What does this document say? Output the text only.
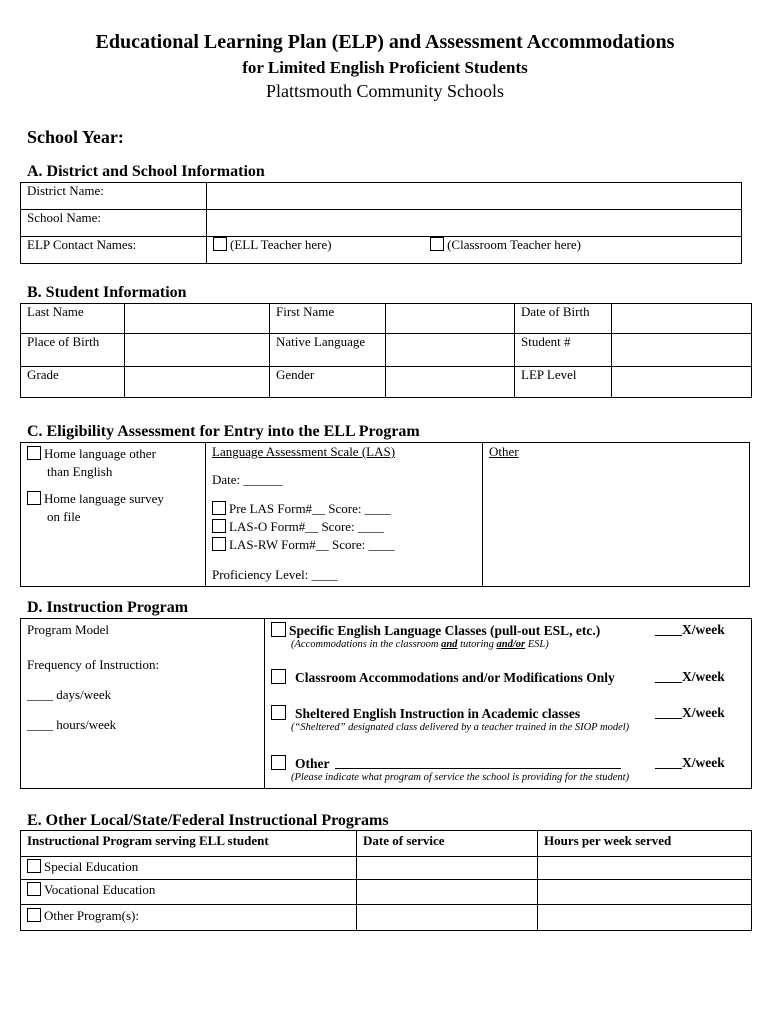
Educational Learning Plan (ELP) and Assessment Accommodations
for Limited English Proficient Students
Plattsmouth Community Schools
School Year:
A. District and School Information
District Name:	
School Name:	
ELP Contact Names:	(ELL Teacher here) (Classroom Teacher here)
B. Student Information
Last Name		First Name		Date of Birth	
Place of Birth		Native Language		Student #	
Grade		Gender		LEP Level	
C. Eligibility Assessment for Entry into the ELL Program
Home language other
than English
Home language survey
on file

Language Assessment Scale (LAS)
Date: ______
Pre LAS Form#__ Score: ____
LAS-O Form#__ Score: ____
LAS-RW Form#__ Score: ____
Proficiency Level: ____

Other
D. Instruction Program
Program Model
Frequency of Instruction:
____ days/week
____ hours/week

Specific English Language Classes (pull-out ESL, etc.)	____X/week
(Accommodations in the classroom and tutoring and/or ESL)
Classroom Accommodations and/or Modifications Only	____X/week
Sheltered English Instruction in Academic classes	____X/week
(“Sheltered” designated class delivered by a teacher trained in the SIOP model)
Other	____X/week
(Please indicate what program of service the school is providing for the student)
E. Other Local/State/Federal Instructional Programs
Instructional Program serving ELL student	Date of service	Hours per week served
Special Education		
Vocational Education		
Other Program(s):		
